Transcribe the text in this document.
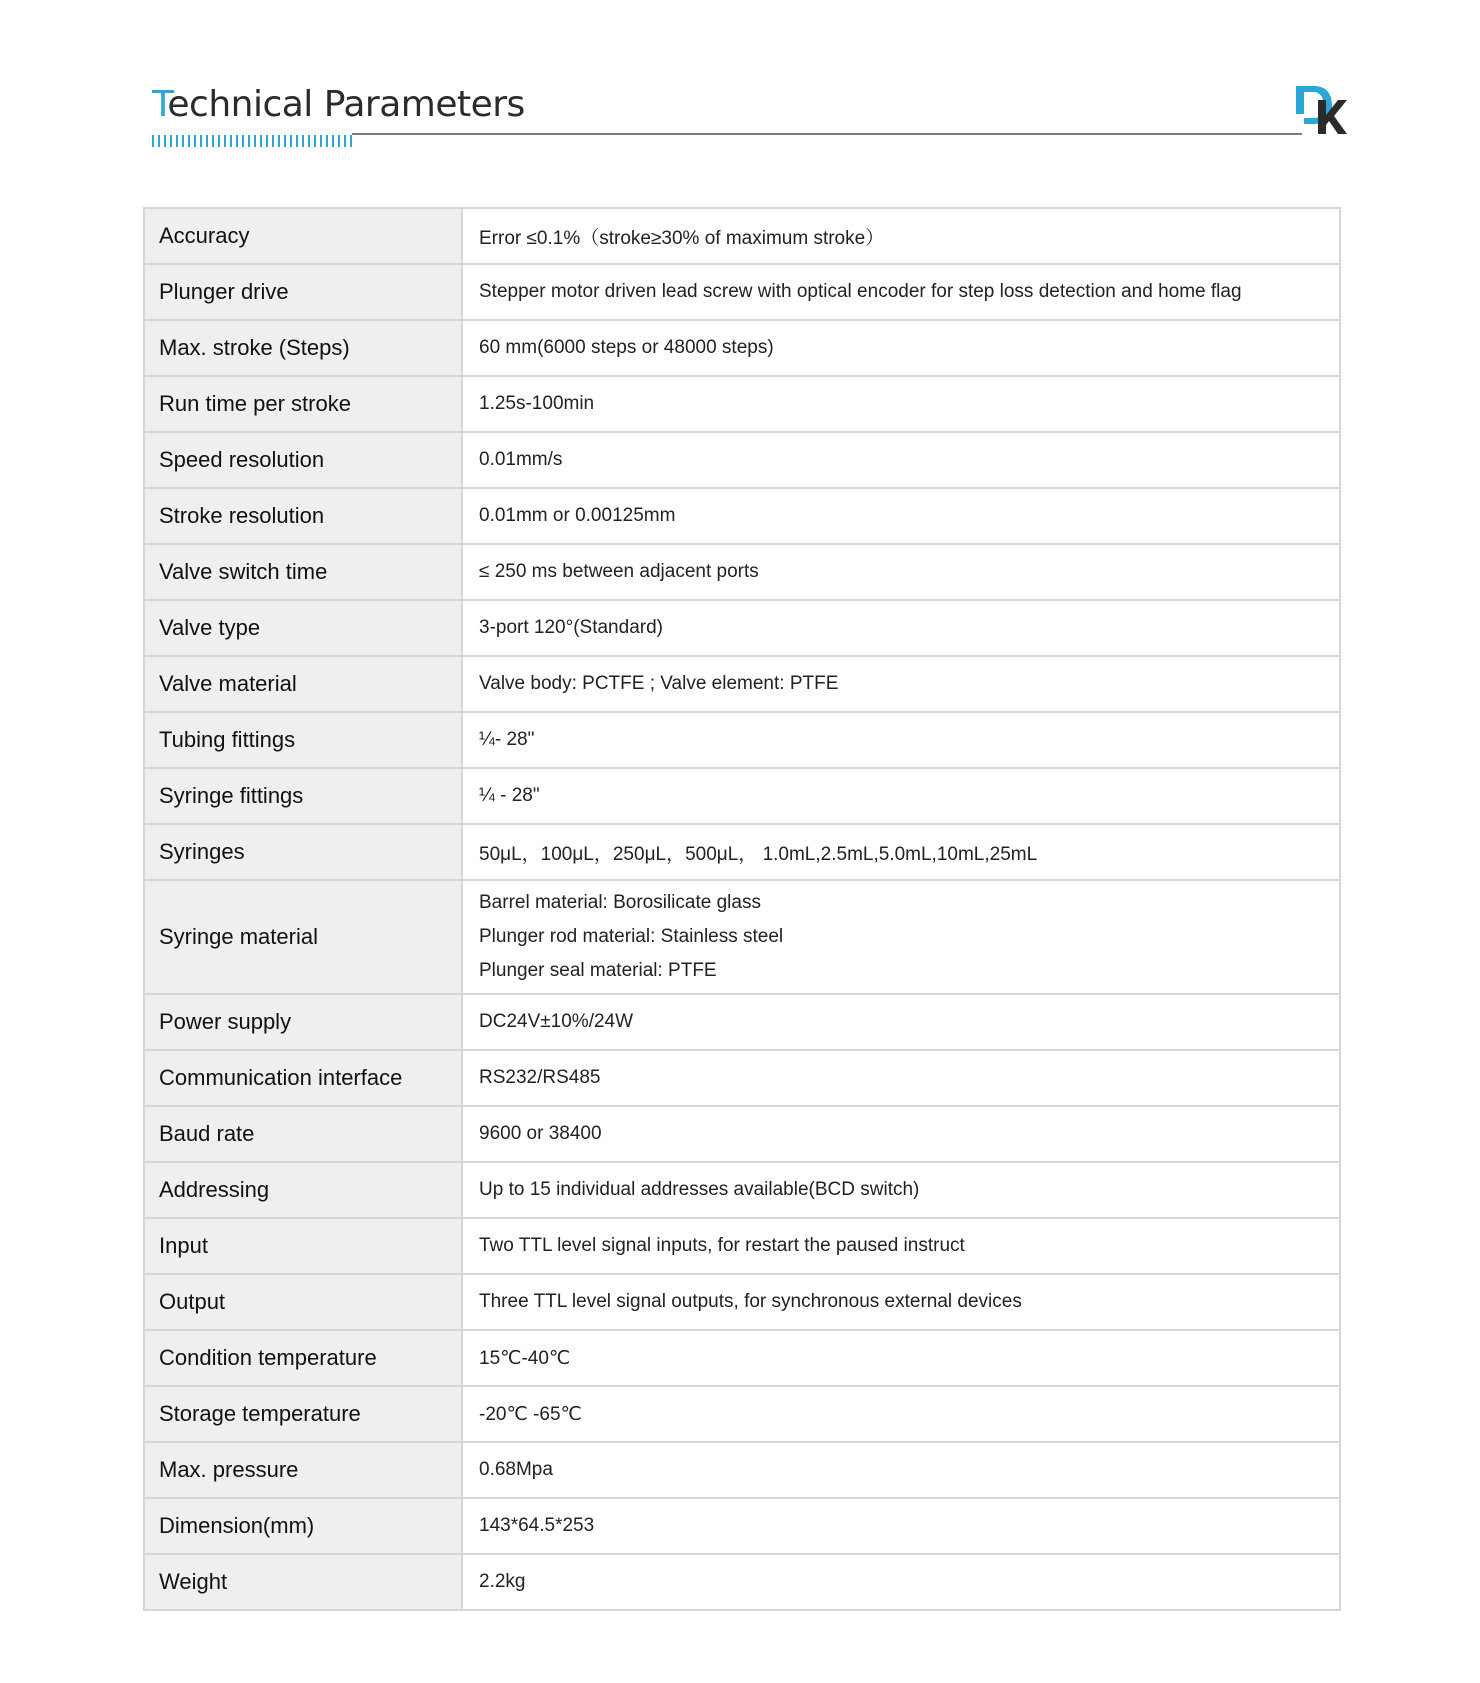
Technical Parameters
Accuracy	Error ≤0.1%（stroke≥30% of maximum stroke）
Plunger drive	Stepper motor driven lead screw with optical encoder for step loss detection and home flag
Max. stroke (Steps)	60 mm(6000 steps or 48000 steps)
Run time per stroke	1.25s-100min
Speed resolution	0.01mm/s
Stroke resolution	0.01mm or 0.00125mm
Valve switch time	≤ 250 ms between adjacent ports
Valve type	3-port 120°(Standard)
Valve material	Valve body: PCTFE ; Valve element: PTFE
Tubing fittings	¼- 28"
Syringe fittings	¼ - 28"
Syringes	50μL，100μL，250μL，500μL， 1.0mL,2.5mL,5.0mL,10mL,25mL
Syringe material	Barrel material: Borosilicate glass
Plunger rod material: Stainless steel
Plunger seal material: PTFE

Power supply	DC24V±10%/24W
Communication interface	RS232/RS485
Baud rate	9600 or 38400
Addressing	Up to 15 individual addresses available(BCD switch)
Input	Two TTL level signal inputs, for restart the paused instruct
Output	Three TTL level signal outputs, for synchronous external devices
Condition temperature	15℃-40℃
Storage temperature	-20℃ -65℃
Max. pressure	0.68Mpa
Dimension(mm)	143*64.5*253
Weight	2.2kg
